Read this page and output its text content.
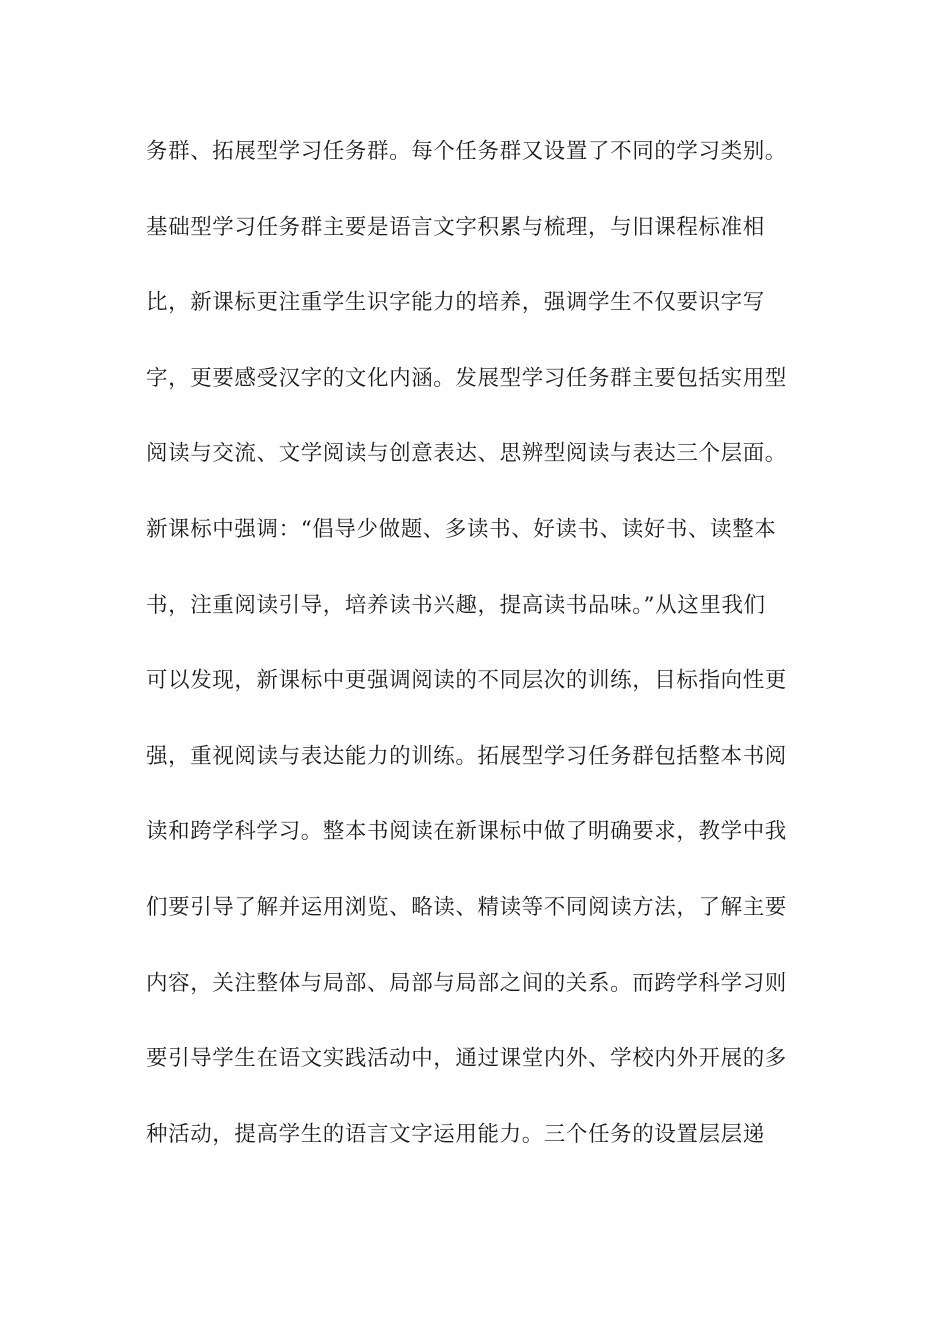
务群、拓展型学习任务群。每个任务群又设置了不同的学习类别。
基础型学习任务群主要是语言文字积累与梳理，与旧课程标准相
比，新课标更注重学生识字能力的培养，强调学生不仅要识字写
字，更要感受汉字的文化内涵。发展型学习任务群主要包括实用型
阅读与交流、文学阅读与创意表达、思辨型阅读与表达三个层面。
新课标中强调：“倡导少做题、多读书、好读书、读好书、读整本
书，注重阅读引导，培养读书兴趣，提高读书品味。”从这里我们
可以发现，新课标中更强调阅读的不同层次的训练，目标指向性更
强，重视阅读与表达能力的训练。拓展型学习任务群包括整本书阅
读和跨学科学习。整本书阅读在新课标中做了明确要求，教学中我
们要引导了解并运用浏览、略读、精读等不同阅读方法，了解主要
内容，关注整体与局部、局部与局部之间的关系。而跨学科学习则
要引导学生在语文实践活动中，通过课堂内外、学校内外开展的多
种活动，提高学生的语言文字运用能力。三个任务的设置层层递
